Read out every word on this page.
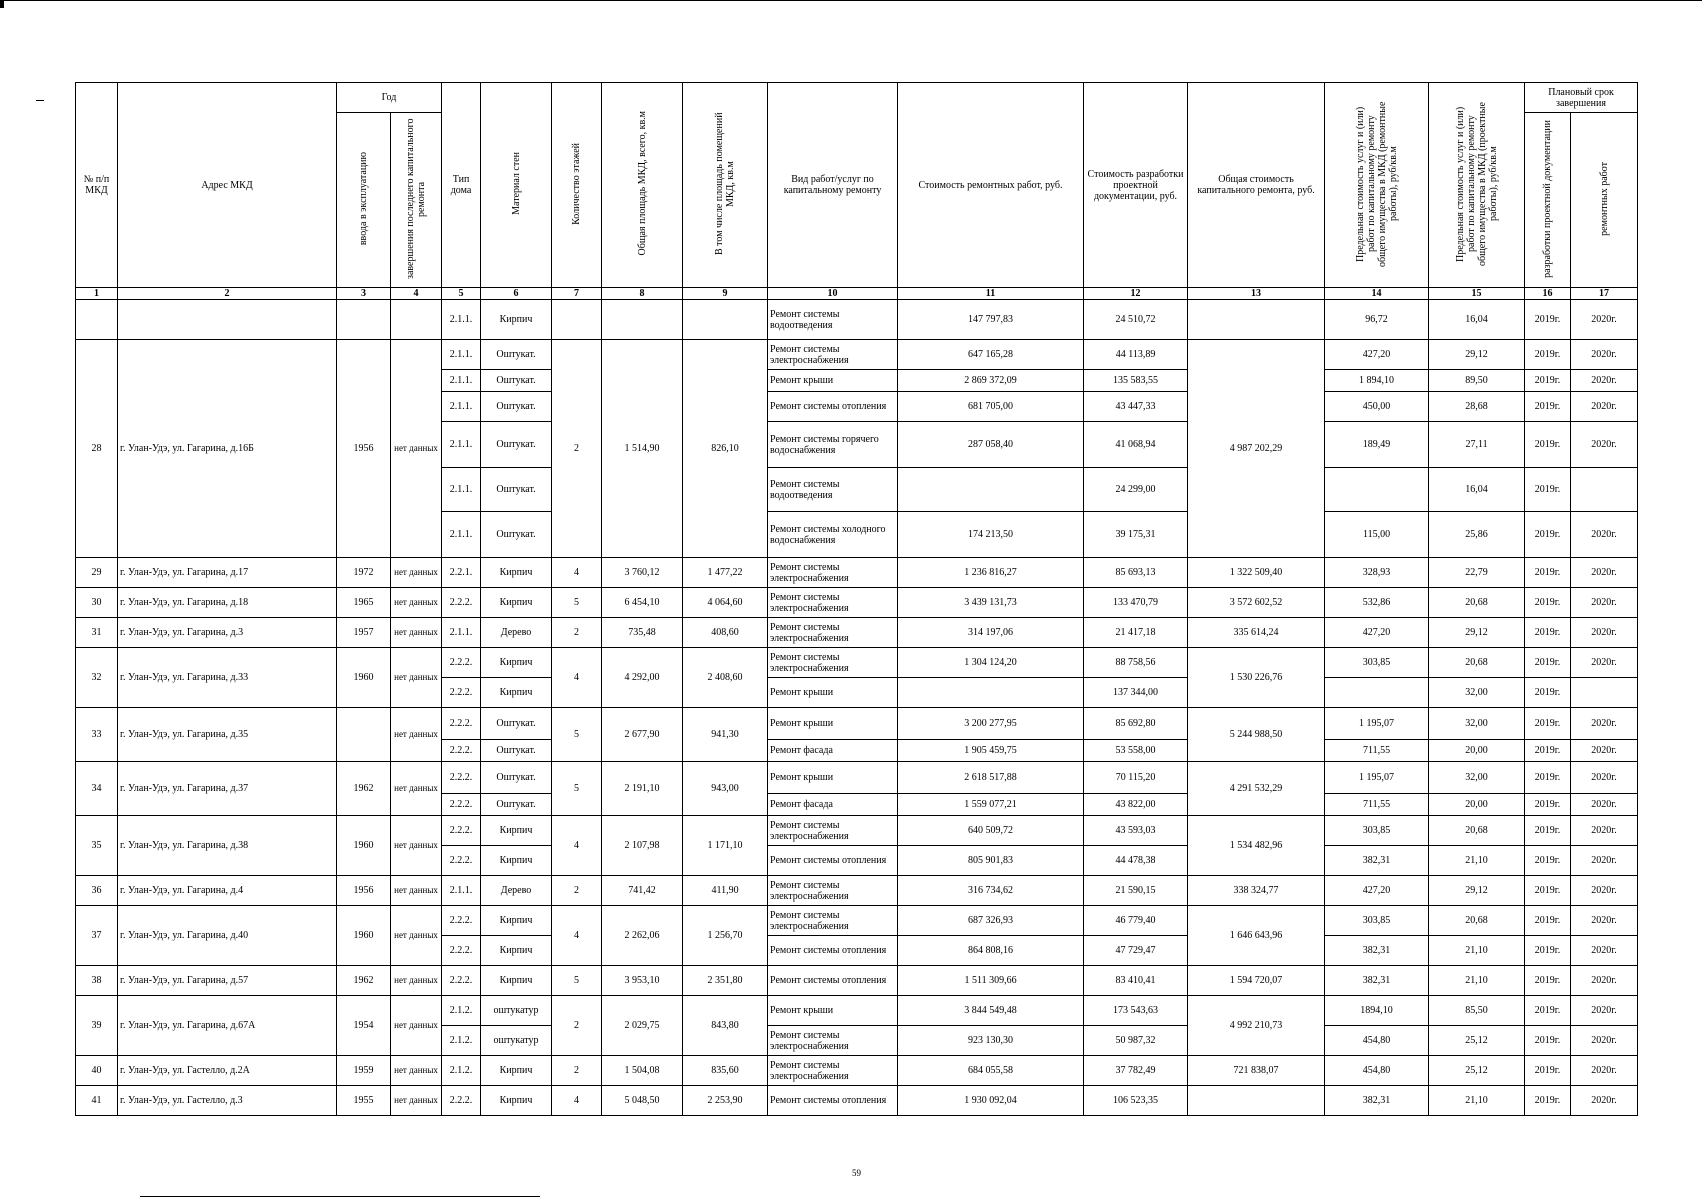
№ п/п МКД	Адрес МКД	Год		Тип дома	Материал стен	Количество этажей	Общая площадь МКД, всего, кв.м	В том числе площадь помещений МКД, кв.м	Вид работ/услуг по капитальному ремонту	Стоимость ремонтных работ, руб.	Стоимость разработки проектной документации, руб.	Общая стоимость капитального ремонта, руб.	Предельная стоимость услуг и (или) работ по капитальному ремонту общего имущества в МКД (ремонтные работы), руб/кв.м	Предельная стоимость услуг и (или) работ по капитальному ремонту общего имущества в МКД (проектные работы), руб/кв.м	Плановый срок завершения	
		ввода в эксплуатацию	завершения последнего капитального ремонта												разработки проектной документации	ремонтных работ
1	2	3	4	5	6	7	8	9	10	11	12	13	14	15	16	17
				2.1.1.	Кирпич				Ремонт системы водоотведения	147 797,83	24 510,72		96,72	16,04	2019г.	2020г.
28	г. Улан-Удэ, ул. Гагарина, д.16Б	1956	нет данных	2.1.1.	Оштукат.	2	1 514,90	826,10	Ремонт системы электроснабжения	647 165,28	44 113,89	4 987 202,29	427,20	29,12	2019г.	2020г.
				2.1.1.	Оштукат.				Ремонт крыши	2 869 372,09	135 583,55		1 894,10	89,50	2019г.	2020г.
				2.1.1.	Оштукат.				Ремонт системы отопления	681 705,00	43 447,33		450,00	28,68	2019г.	2020г.
				2.1.1.	Оштукат.				Ремонт системы горячего водоснабжения	287 058,40	41 068,94		189,49	27,11	2019г.	2020г.
				2.1.1.	Оштукат.				Ремонт системы водоотведения		24 299,00			16,04	2019г.	
				2.1.1.	Оштукат.				Ремонт системы холодного водоснабжения	174 213,50	39 175,31		115,00	25,86	2019г.	2020г.
29	г. Улан-Удэ, ул. Гагарина, д.17	1972	нет данных	2.2.1.	Кирпич	4	3 760,12	1 477,22	Ремонт системы электроснабжения	1 236 816,27	85 693,13	1 322 509,40	328,93	22,79	2019г.	2020г.
30	г. Улан-Удэ, ул. Гагарина, д.18	1965	нет данных	2.2.2.	Кирпич	5	6 454,10	4 064,60	Ремонт системы электроснабжения	3 439 131,73	133 470,79	3 572 602,52	532,86	20,68	2019г.	2020г.
31	г. Улан-Удэ, ул. Гагарина, д.3	1957	нет данных	2.1.1.	Дерево	2	735,48	408,60	Ремонт системы электроснабжения	314 197,06	21 417,18	335 614,24	427,20	29,12	2019г.	2020г.
32	г. Улан-Удэ, ул. Гагарина, д.33	1960	нет данных	2.2.2.	Кирпич	4	4 292,00	2 408,60	Ремонт системы электроснабжения	1 304 124,20	88 758,56	1 530 226,76	303,85	20,68	2019г.	2020г.
				2.2.2.	Кирпич				Ремонт крыши		137 344,00			32,00	2019г.	
33	г. Улан-Удэ, ул. Гагарина, д.35		нет данных	2.2.2.	Оштукат.	5	2 677,90	941,30	Ремонт крыши	3 200 277,95	85 692,80	5 244 988,50	1 195,07	32,00	2019г.	2020г.
				2.2.2.	Оштукат.				Ремонт фасада	1 905 459,75	53 558,00		711,55	20,00	2019г.	2020г.
34	г. Улан-Удэ, ул. Гагарина, д.37	1962	нет данных	2.2.2.	Оштукат.	5	2 191,10	943,00	Ремонт крыши	2 618 517,88	70 115,20	4 291 532,29	1 195,07	32,00	2019г.	2020г.
				2.2.2.	Оштукат.				Ремонт фасада	1 559 077,21	43 822,00		711,55	20,00	2019г.	2020г.
35	г. Улан-Удэ, ул. Гагарина, д.38	1960	нет данных	2.2.2.	Кирпич	4	2 107,98	1 171,10	Ремонт системы электроснабжения	640 509,72	43 593,03	1 534 482,96	303,85	20,68	2019г.	2020г.
				2.2.2.	Кирпич				Ремонт системы отопления	805 901,83	44 478,38		382,31	21,10	2019г.	2020г.
36	г. Улан-Удэ, ул. Гагарина, д.4	1956	нет данных	2.1.1.	Дерево	2	741,42	411,90	Ремонт системы электроснабжения	316 734,62	21 590,15	338 324,77	427,20	29,12	2019г.	2020г.
37	г. Улан-Удэ, ул. Гагарина, д.40	1960	нет данных	2.2.2.	Кирпич	4	2 262,06	1 256,70	Ремонт системы электроснабжения	687 326,93	46 779,40	1 646 643,96	303,85	20,68	2019г.	2020г.
				2.2.2.	Кирпич				Ремонт системы отопления	864 808,16	47 729,47		382,31	21,10	2019г.	2020г.
38	г. Улан-Удэ, ул. Гагарина, д.57	1962	нет данных	2.2.2.	Кирпич	5	3 953,10	2 351,80	Ремонт системы отопления	1 511 309,66	83 410,41	1 594 720,07	382,31	21,10	2019г.	2020г.
39	г. Улан-Удэ, ул. Гагарина, д.67А	1954	нет данных	2.1.2.	оштукатур	2	2 029,75	843,80	Ремонт крыши	3 844 549,48	173 543,63	4 992 210,73	1894,10	85,50	2019г.	2020г.
				2.1.2.	оштукатур				Ремонт системы электроснабжения	923 130,30	50 987,32		454,80	25,12	2019г.	2020г.
40	г. Улан-Удэ, ул. Гастелло, д.2А	1959	нет данных	2.1.2.	Кирпич	2	1 504,08	835,60	Ремонт системы электроснабжения	684 055,58	37 782,49	721 838,07	454,80	25,12	2019г.	2020г.
41	г. Улан-Удэ, ул. Гастелло, д.3	1955	нет данных	2.2.2.	Кирпич	4	5 048,50	2 253,90	Ремонт системы отопления	1 930 092,04	106 523,35		382,31	21,10	2019г.	2020г.
59
